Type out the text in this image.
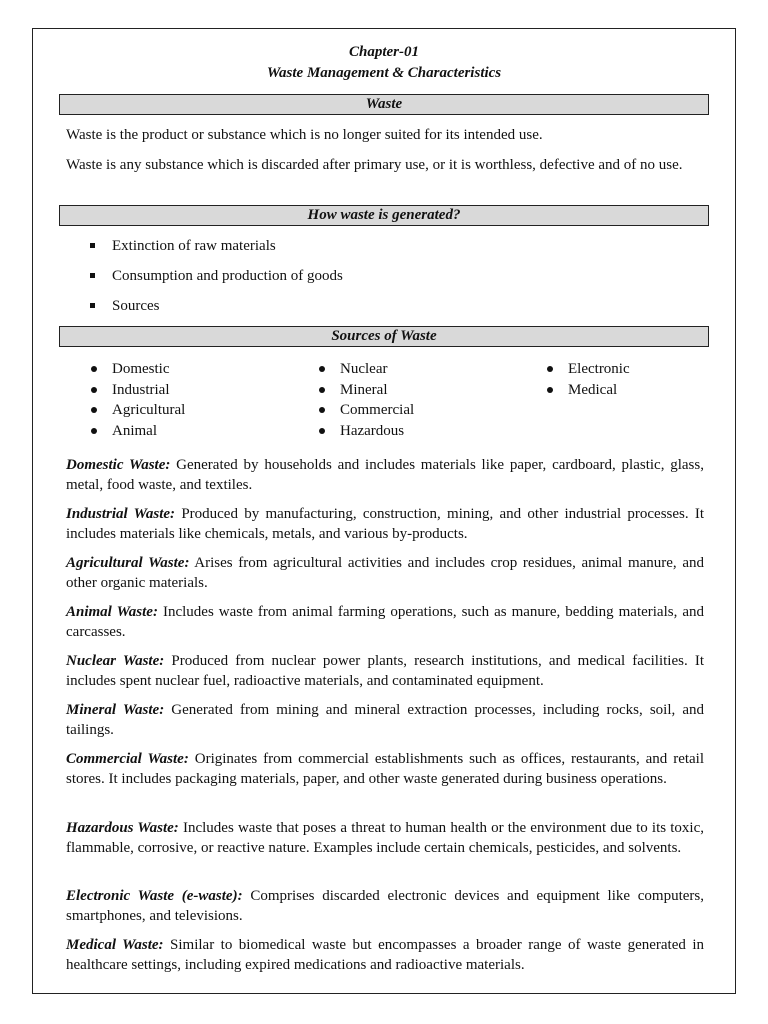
Chapter-01
Waste Management & Characteristics
Waste

Waste is the product or substance which is no longer suited for its intended use.

Waste is any substance which is discarded after primary use, or it is worthless, defective and of no use.

How waste is generated?
Extinction of raw materials
Consumption and production of goods
Sources
Sources of Waste
Domestic
Industrial
Agricultural
Animal
Nuclear
Mineral
Commercial
Hazardous
Electronic
Medical

Domestic Waste: Generated by households and includes materials like paper, cardboard, plastic, glass, metal, food waste, and textiles.

Industrial Waste: Produced by manufacturing, construction, mining, and other industrial processes. It includes materials like chemicals, metals, and various by-products.

Agricultural Waste: Arises from agricultural activities and includes crop residues, animal manure, and other organic materials.

Animal Waste: Includes waste from animal farming operations, such as manure, bedding materials, and carcasses.

Nuclear Waste: Produced from nuclear power plants, research institutions, and medical facilities. It includes spent nuclear fuel, radioactive materials, and contaminated equipment.

Mineral Waste: Generated from mining and mineral extraction processes, including rocks, soil, and tailings.

Commercial Waste: Originates from commercial establishments such as offices, restaurants, and retail stores. It includes packaging materials, paper, and other waste generated during business operations.

Hazardous Waste: Includes waste that poses a threat to human health or the environment due to its toxic, flammable, corrosive, or reactive nature. Examples include certain chemicals, pesticides, and solvents.

Electronic Waste (e-waste): Comprises discarded electronic devices and equipment like computers, smartphones, and televisions.

Medical Waste: Similar to biomedical waste but encompasses a broader range of waste generated in healthcare settings, including expired medications and radioactive materials.
